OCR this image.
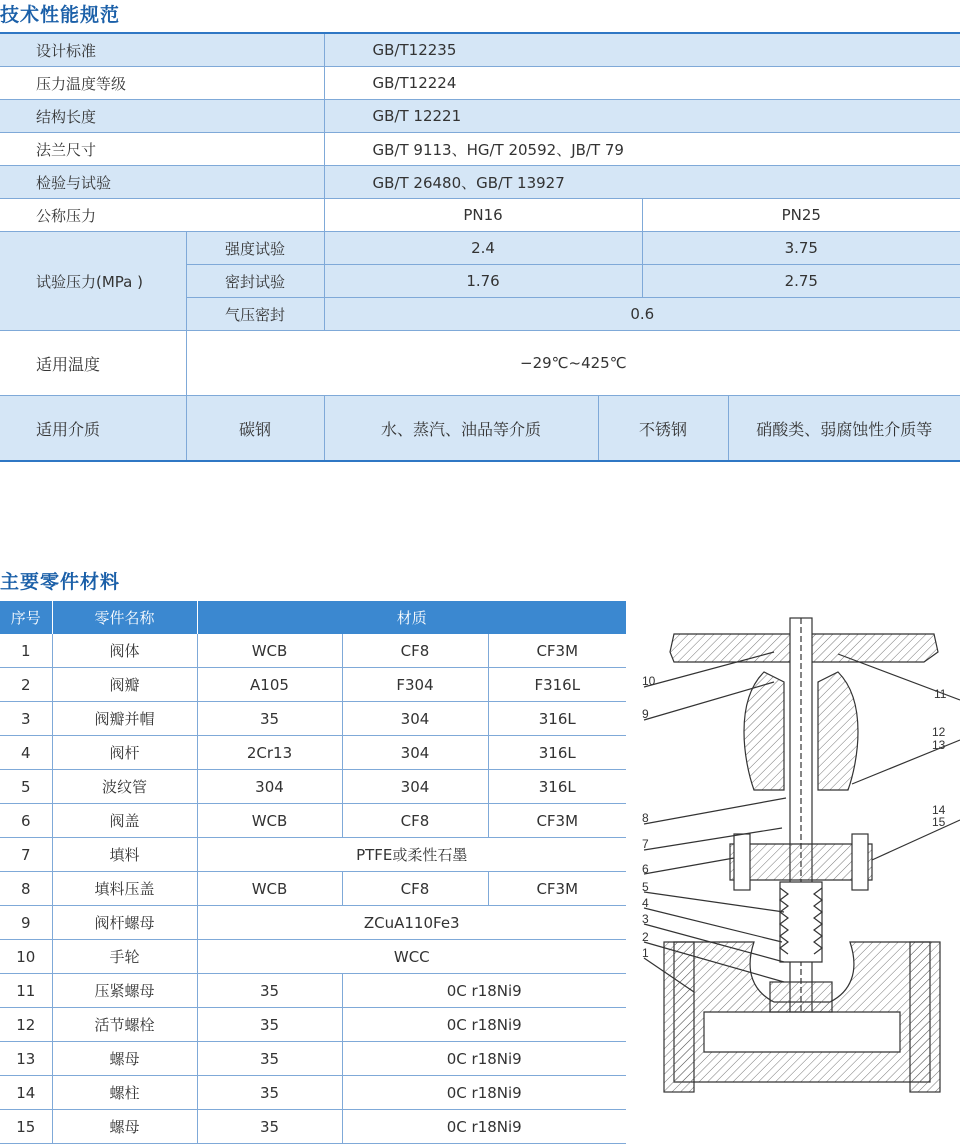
技术性能规范
设计标准		GB/T12235			
压力温度等级		GB/T12224			
结构长度		GB/T 12221			
法兰尺寸		GB/T 9113、HG/T 20592、JB/T 79			
检验与试验		GB/T 26480、GB/T 13927			
公称压力		PN16		PN25	
试验压力(MPa )	强度试验	2.4		3.75	
	密封试验	1.76		2.75	
	气压密封	0.6			
适用温度	−29℃~425℃				
适用介质	碳钢	水、蒸汽、油品等介质	不锈钢		硝酸类、弱腐蚀性介质等
主要零件材料
序号	零件名称	材质		
1	阀体	WCB	CF8	CF3M
2	阀瓣	A105	F304	F316L
3	阀瓣并帽	35	304	316L
4	阀杆	2Cr13	304	316L
5	波纹管	304	304	316L
6	阀盖	WCB	CF8	CF3M
7	填料	PTFE或柔性石墨		
8	填料压盖	WCB	CF8	CF3M
9	阀杆螺母	ZCuA110Fe3		
10	手轮	WCC		
11	压紧螺母	35	0C r18Ni9	
12	活节螺栓	35	0C r18Ni9	
13	螺母	35	0C r18Ni9	
14	螺柱	35	0C r18Ni9	
15	螺母	35	0C r18Ni9	
1
2
3
4
5
6
7
8
9
10
11
12
13
14
15
